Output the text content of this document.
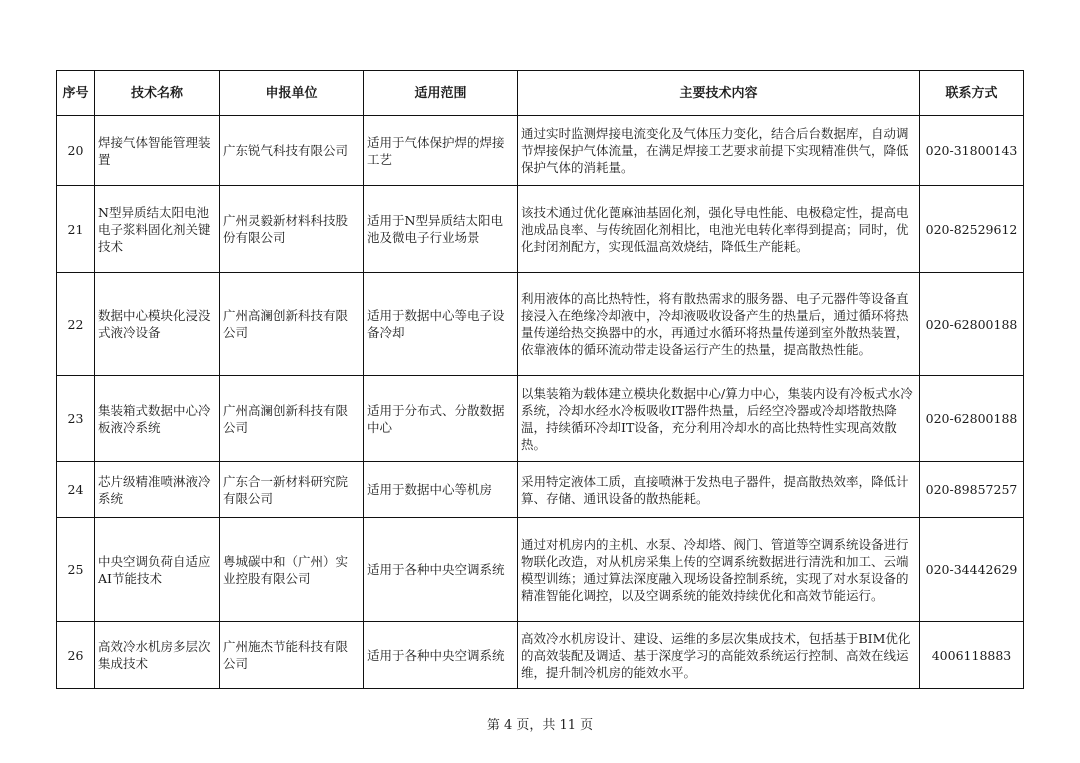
序号	技术名称	申报单位	适用范围	主要技术内容	联系方式
20	焊接气体智能管理装置	广东锐气科技有限公司	适用于气体保护焊的焊接工艺	通过实时监测焊接电流变化及气体压力变化，结合后台数据库，自动调节焊接保护气体流量，在满足焊接工艺要求前提下实现精准供气，降低保护气体的消耗量。	020-31800143
21	N型异质结太阳电池电子浆料固化剂关键技术	广州灵毅新材料科技股份有限公司	适用于N型异质结太阳电池及微电子行业场景	该技术通过优化蓖麻油基固化剂，强化导电性能、电极稳定性，提高电池成品良率、与传统固化剂相比，电池光电转化率得到提高；同时，优化封闭剂配方，实现低温高效烧结，降低生产能耗。	020-82529612
22	数据中心模块化浸没式液冷设备	广州高澜创新科技有限公司	适用于数据中心等电子设备冷却	利用液体的高比热特性，将有散热需求的服务器、电子元器件等设备直接浸入在绝缘冷却液中，冷却液吸收设备产生的热量后，通过循环将热量传递给热交换器中的水，再通过水循环将热量传递到室外散热装置，依靠液体的循环流动带走设备运行产生的热量，提高散热性能。	020-62800188
23	集装箱式数据中心冷板液冷系统	广州高澜创新科技有限公司	适用于分布式、分散数据中心	以集装箱为载体建立模块化数据中心/算力中心，集装内设有冷板式水冷系统，冷却水经水冷板吸收IT器件热量，后经空冷器或冷却塔散热降温，持续循环冷却IT设备，充分利用冷却水的高比热特性实现高效散热。	020-62800188
24	芯片级精准喷淋液冷系统	广东合一新材料研究院有限公司	适用于数据中心等机房	采用特定液体工质，直接喷淋于发热电子器件，提高散热效率，降低计算、存储、通讯设备的散热能耗。	020-89857257
25	中央空调负荷自适应AI节能技术	粤城碳中和（广州）实业控股有限公司	适用于各种中央空调系统	通过对机房内的主机、水泵、冷却塔、阀门、管道等空调系统设备进行物联化改造，对从机房采集上传的空调系统数据进行清洗和加工、云端模型训练；通过算法深度融入现场设备控制系统，实现了对水泵设备的精准智能化调控，以及空调系统的能效持续优化和高效节能运行。	020-34442629
26	高效冷水机房多层次集成技术	广州施杰节能科技有限公司	适用于各种中央空调系统	高效冷水机房设计、建设、运维的多层次集成技术，包括基于BIM优化的高效装配及调适、基于深度学习的高能效系统运行控制、高效在线运维，提升制冷机房的能效水平。	4006118883
第 4 页，共 11 页
